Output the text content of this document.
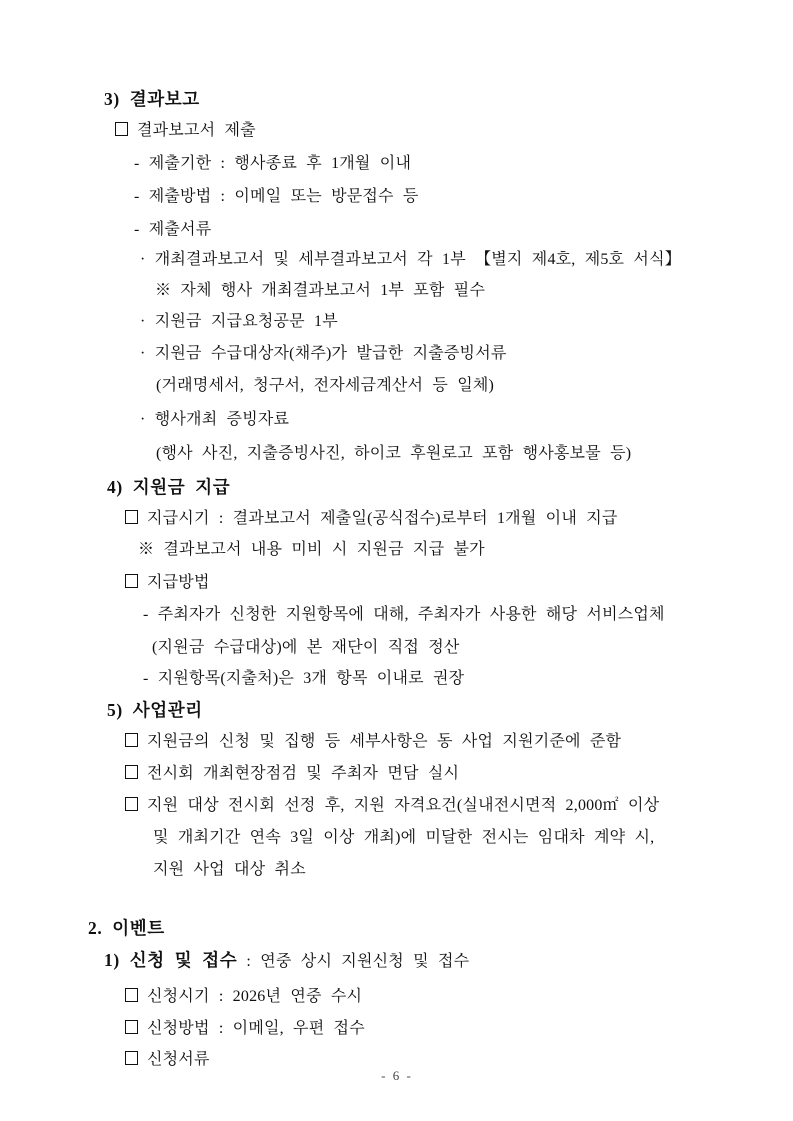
3) 결과보고
결과보고서 제출
- 제출기한 : 행사종료 후 1개월 이내
- 제출방법 : 이메일 또는 방문접수 등
- 제출서류
· 개최결과보고서 및 세부결과보고서 각 1부 【별지 제4호, 제5호 서식】
※ 자체 행사 개최결과보고서 1부 포함 필수
· 지원금 지급요청공문 1부
· 지원금 수급대상자(채주)가 발급한 지출증빙서류
(거래명세서, 청구서, 전자세금계산서 등 일체)
· 행사개최 증빙자료
(행사 사진, 지출증빙사진, 하이코 후원로고 포함 행사홍보물 등)
4) 지원금 지급
지급시기 : 결과보고서 제출일(공식접수)로부터 1개월 이내 지급
※ 결과보고서 내용 미비 시 지원금 지급 불가
지급방법
- 주최자가 신청한 지원항목에 대해, 주최자가 사용한 해당 서비스업체
(지원금 수급대상)에 본 재단이 직접 정산
- 지원항목(지출처)은 3개 항목 이내로 권장
5) 사업관리
지원금의 신청 및 집행 등 세부사항은 동 사업 지원기준에 준함
전시회 개최현장점검 및 주최자 면담 실시
지원 대상 전시회 선정 후, 지원 자격요건(실내전시면적 2,000㎡ 이상
및 개최기간 연속 3일 이상 개최)에 미달한 전시는 임대차 계약 시,
지원 사업 대상 취소
2. 이벤트
1) 신청 및 접수 : 연중 상시 지원신청 및 접수
신청시기 : 2026년 연중 수시
신청방법 : 이메일, 우편 접수
신청서류
- 6 -
